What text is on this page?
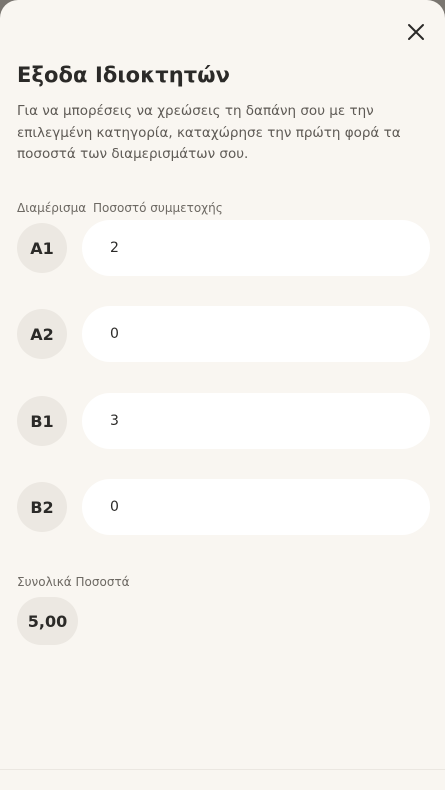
Εξοδα Ιδιοκτητών

Για να μπορέσεις να χρεώσεις τη δαπάνη σου με την επιλεγμένη κατηγορία, καταχώρησε την πρώτη φορά τα ποσοστά των διαμερισμάτων σου.

Διαμέρισμα Ποσοστό συμμετοχής
A1	2
A2	0
B1	3
B2	0
Συνολικά Ποσοστά
5,00
